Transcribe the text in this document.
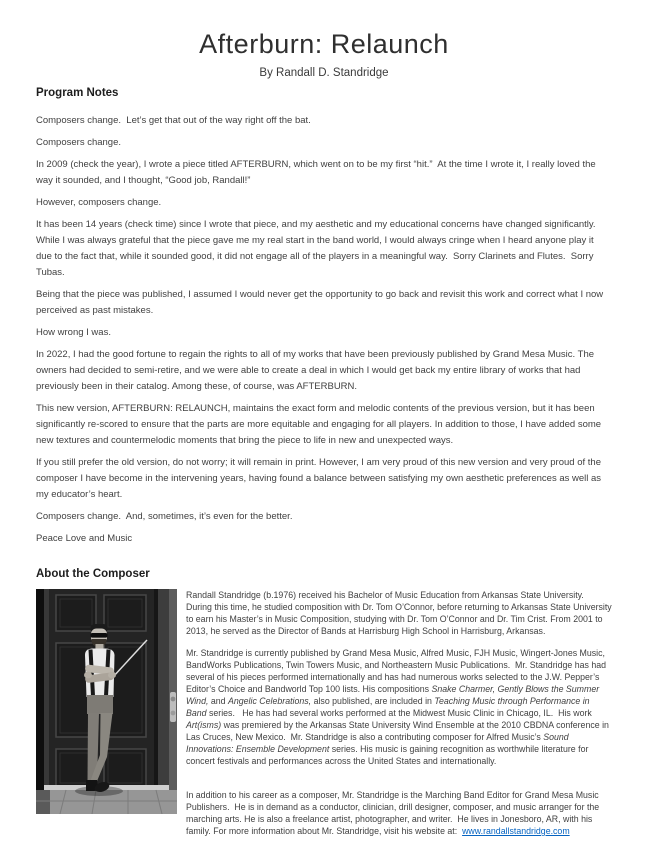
Afterburn: Relaunch
By Randall D. Standridge
Program Notes

Composers change.  Let’s get that out of the way right off the bat.

Composers change.

In 2009 (check the year), I wrote a piece titled AFTERBURN, which went on to be my first “hit.”  At the time I wrote it, I really loved the way it sounded, and I thought, “Good job, Randall!”

However, composers change.

It has been 14 years (check time) since I wrote that piece, and my aesthetic and my educational concerns have changed significantly.  While I was always grateful that the piece gave me my real start in the band world, I would always cringe when I heard anyone play it due to the fact that, while it sounded good, it did not engage all of the players in a meaningful way.  Sorry Clarinets and Flutes.  Sorry Tubas.

Being that the piece was published, I assumed I would never get the opportunity to go back and revisit this work and correct what I now perceived as past mistakes.

How wrong I was.

In 2022, I had the good fortune to regain the rights to all of my works that have been previously published by Grand Mesa Music. The owners had decided to semi-retire, and we were able to create a deal in which I would get back my entire library of works that had previously been in their catalog. Among these, of course, was AFTERBURN.

This new version, AFTERBURN: RELAUNCH, maintains the exact form and melodic contents of the previous version, but it has been significantly re-scored to ensure that the parts are more equitable and engaging for all players. In addition to those, I have added some new textures and countermelodic moments that bring the piece to life in new and unexpected ways.

If you still prefer the old version, do not worry; it will remain in print. However, I am very proud of this new version and very proud of the composer I have become in the intervening years, having found a balance between satisfying my own aesthetic preferences as well as my educator’s heart.

Composers change.  And, sometimes, it’s even for the better.

Peace Love and Music

About the Composer

Randall Standridge (b.1976) received his Bachelor of Music Education from Arkansas State University.  During this time, he studied composition with Dr. Tom O’Connor, before returning to Arkansas State University to earn his Master’s in Music Composition, studying with Dr. Tom O’Connor and Dr. Tim Crist. From 2001 to 2013, he served as the Director of Bands at Harrisburg High School in Harrisburg, Arkansas.

Mr. Standridge is currently published by Grand Mesa Music, Alfred Music, FJH Music, Wingert-Jones Music, BandWorks Publications, Twin Towers Music, and Northeastern Music Publications.  Mr. Standridge has had several of his pieces performed internationally and has had numerous works selected to the J.W. Pepper’s Editor’s Choice and Bandworld Top 100 lists. His compositions Snake Charmer, Gently Blows the Summer Wind, and Angelic Celebrations, also published, are included in Teaching Music through Performance in Band series.   He has had several works performed at the Midwest Music Clinic in Chicago, IL.  His work Art(isms) was premiered by the Arkansas State University Wind Ensemble at the 2010 CBDNA conference in Las Cruces, New Mexico.  Mr. Standridge is also a contributing composer for Alfred Music’s Sound Innovations: Ensemble Development series. His music is gaining recognition as worthwhile literature for concert festivals and performances across the United States and internationally.

In addition to his career as a composer, Mr. Standridge is the Marching Band Editor for Grand Mesa Music Publishers.  He is in demand as a conductor, clinician, drill designer, composer, and music arranger for the marching arts. He is also a freelance artist, photographer, and writer.  He lives in Jonesboro, AR, with his family. For more information about Mr. Standridge, visit his website at:  www.randallstandridge.com
